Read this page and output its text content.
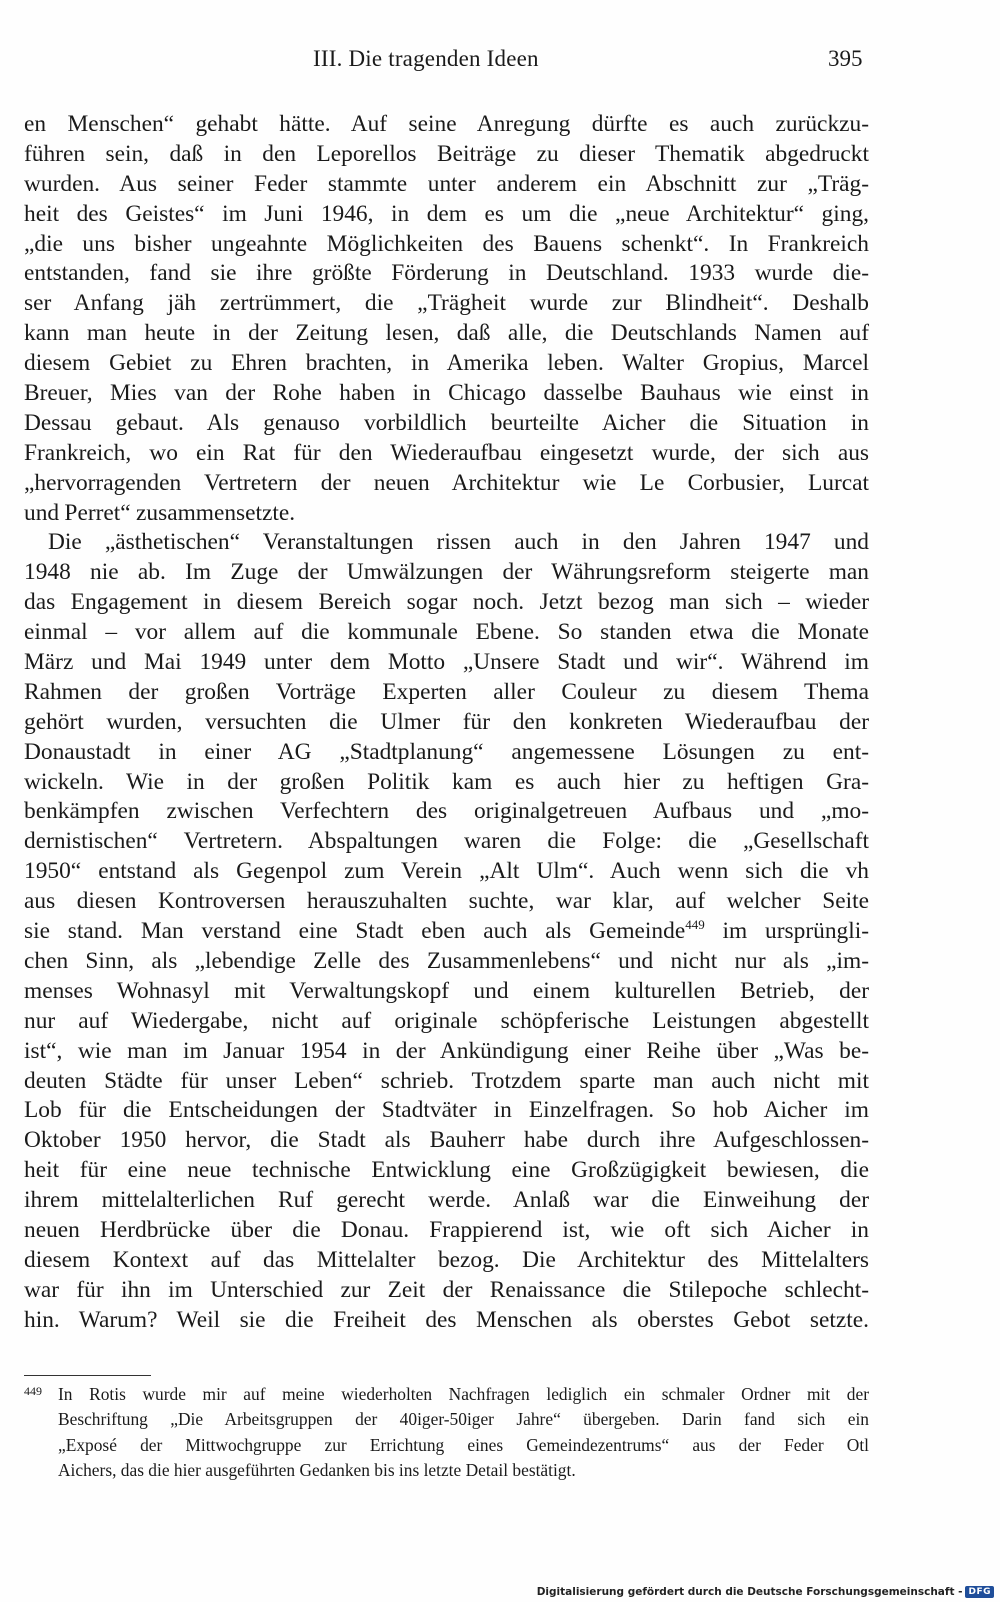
III. Die tragenden Ideen	395
en Menschen“ gehabt hätte. Auf seine Anregung dürfte es auch zurückzu-
führen sein, daß in den Leporellos Beiträge zu dieser Thematik abgedruckt
wurden. Aus seiner Feder stammte unter anderem ein Abschnitt zur „Träg-
heit des Geistes“ im Juni 1946, in dem es um die „neue Architektur“ ging,
„die uns bisher ungeahnte Möglichkeiten des Bauens schenkt“. In Frankreich
entstanden, fand sie ihre größte Förderung in Deutschland. 1933 wurde die-
ser Anfang jäh zertrümmert, die „Trägheit wurde zur Blindheit“. Deshalb
kann man heute in der Zeitung lesen, daß alle, die Deutschlands Namen auf
diesem Gebiet zu Ehren brachten, in Amerika leben. Walter Gropius, Marcel
Breuer, Mies van der Rohe haben in Chicago dasselbe Bauhaus wie einst in
Dessau gebaut. Als genauso vorbildlich beurteilte Aicher die Situation in
Frankreich, wo ein Rat für den Wiederaufbau eingesetzt wurde, der sich aus
„hervorragenden Vertretern der neuen Architektur wie Le Corbusier, Lurcat
und Perret“ zusammensetzte.
Die „ästhetischen“ Veranstaltungen rissen auch in den Jahren 1947 und
1948 nie ab. Im Zuge der Umwälzungen der Währungsreform steigerte man
das Engagement in diesem Bereich sogar noch. Jetzt bezog man sich – wieder
einmal – vor allem auf die kommunale Ebene. So standen etwa die Monate
März und Mai 1949 unter dem Motto „Unsere Stadt und wir“. Während im
Rahmen der großen Vorträge Experten aller Couleur zu diesem Thema
gehört wurden, versuchten die Ulmer für den konkreten Wiederaufbau der
Donaustadt in einer AG „Stadtplanung“ angemessene Lösungen zu ent-
wickeln. Wie in der großen Politik kam es auch hier zu heftigen Gra-
benkämpfen zwischen Verfechtern des originalgetreuen Aufbaus und „mo-
dernistischen“ Vertretern. Abspaltungen waren die Folge: die „Gesellschaft
1950“ entstand als Gegenpol zum Verein „Alt Ulm“. Auch wenn sich die vh
aus diesen Kontroversen herauszuhalten suchte, war klar, auf welcher Seite
sie stand. Man verstand eine Stadt eben auch als Gemeinde$^{449}$ im ursprüngli-
chen Sinn, als „lebendige Zelle des Zusammenlebens“ und nicht nur als „im-
menses Wohnasyl mit Verwaltungskopf und einem kulturellen Betrieb, der
nur auf Wiedergabe, nicht auf originale schöpferische Leistungen abgestellt
ist“, wie man im Januar 1954 in der Ankündigung einer Reihe über „Was be-
deuten Städte für unser Leben“ schrieb. Trotzdem sparte man auch nicht mit
Lob für die Entscheidungen der Stadtväter in Einzelfragen. So hob Aicher im
Oktober 1950 hervor, die Stadt als Bauherr habe durch ihre Aufgeschlossen-
heit für eine neue technische Entwicklung eine Großzügigkeit bewiesen, die
ihrem mittelalterlichen Ruf gerecht werde. Anlaß war die Einweihung der
neuen Herdbrücke über die Donau. Frappierend ist, wie oft sich Aicher in
diesem Kontext auf das Mittelalter bezog. Die Architektur des Mittelalters
war für ihn im Unterschied zur Zeit der Renaissance die Stilepoche schlecht-
hin. Warum? Weil sie die Freiheit des Menschen als oberstes Gebot setzte.
449 In Rotis wurde mir auf meine wiederholten Nachfragen lediglich ein schmaler Ordner mit der
Beschriftung „Die Arbeitsgruppen der 40iger-50iger Jahre“ übergeben. Darin fand sich ein
„Exposé der Mittwochgruppe zur Errichtung eines Gemeindezentrums“ aus der Feder Otl
Aichers, das die hier ausgeführten Gedanken bis ins letzte Detail bestätigt.
Digitalisierung gefördert durch die Deutsche Forschungsgemeinschaft - DFG
